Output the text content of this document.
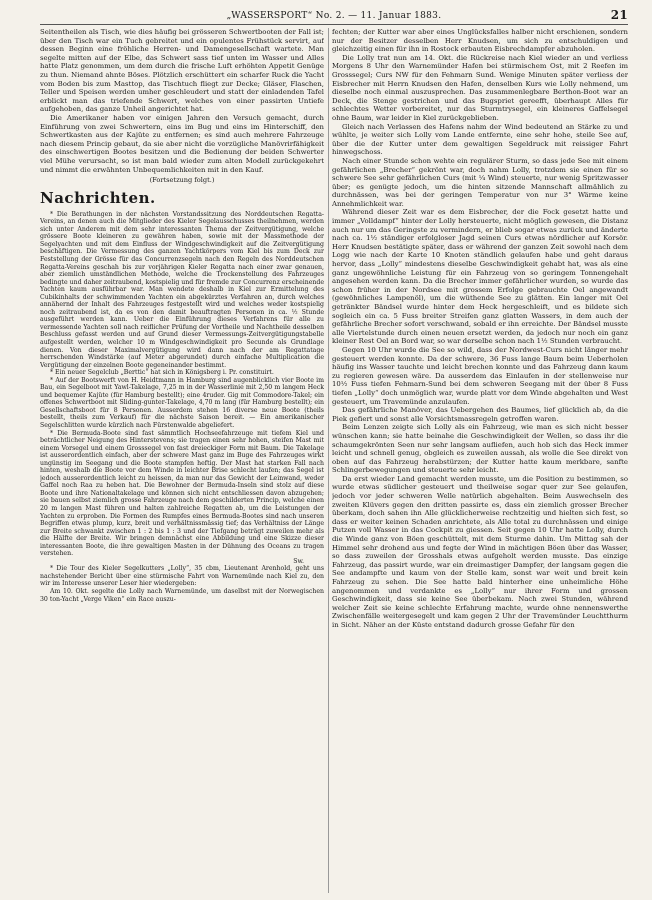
„WASSERSPORT“ No. 2. — 11. Januar 1883.	21

Seitentheilen als Tisch, wie dies häufig bei grösseren Schwertbooten der Fall ist; über den Tisch war ein Tuch gebreitet und ein opulentes Frühstück servirt, auf dessen Beginn eine fröhliche Herren- und Damengesellschaft wartete. Man segelte mitten auf der Elbe, das Schwert sass tief unten im Wasser und Alles hatte Platz genommen, um dem durch die frische Luft erhöhten Appetit Genüge zu thun. Niemand ahnte Böses. Plötzlich erschüttert ein scharfer Ruck die Yacht vom Boden bis zum Masttop, das Tischtuch fliegt zur Decke; Gläser, Flaschen, Teller und Speisen werden umher geschleudert und statt der einladenden Tafel erblickt man das triefende Schwert, welches von einer passirten Untiefe aufgehoben, das ganze Unheil angerichtet hat.

Die Amerikaner haben vor einigen Jahren den Versuch gemacht, durch Einführung von zwei Schwertern, eins im Bug und eins im Hinterschiff, den Schwertkasten aus der Kajüte zu entfernen; es sind auch mehrere Fahrzeuge nach diesem Princip gebaut, da sie aber nicht die vorzügliche Manövrirfähigkeit des einschwertigen Bootes besitzen und die Bedienung der beiden Schwerter viel Mühe verursacht, so ist man bald wieder zum alten Modell zurückgekehrt und nimmt die erwähnten Unbequemlichkeiten mit in den Kauf.

(Fortsetzung folgt.)

Nachrichten.

* Die Berathungen in der nächsten Vorstandssitzung des Norddeutschen Regatta-Vereins, an denen auch die Mitglieder des Kieler Segelausschusses theilnehmen, werden sich unter Anderem mit dem sehr interessanten Thema der Zeitvergütigung, welche grössere Boote kleineren zu gewähren haben, sowie mit der Massmethode der Segelyachten und mit dem Einfluss der Windgeschwindigkeit auf die Zeitvergütigung beschäftigen. Die Vermessung des ganzen Yachtkörpers vom Kiel bis zum Deck zur Feststellung der Grösse für das Concurrenzsegeln nach den Regeln des Norddeutschen Regatta-Vereins geschah bis zur vorjährigen Kieler Regatta nach einer zwar genauen, aber ziemlich umständlichen Methode, welche die Trockenstellung des Fahrzeuges bedingte und daher zeitraubend, kostspielig und für fremde zur Concurrenz erscheinende Yachten kaum ausführbar war. Man wendete deshalb in Kiel zur Ermittelung des Cubikinhalts der schwimmenden Yachten ein abgekürztes Verfahren an, durch welches annähernd der Inhalt des Fahrzeuges festgestellt wird und welches weder kostspielig noch zeitraubend ist, da es von den damit beauftragten Personen in ca. ½ Stunde ausgeführt werden kann. Ueber die Einführung dieses Verfahrens für alle zu vermessende Yachten soll nach reiflicher Prüfung der Vortheile und Nachtheile desselben Beschluss gefasst werden und auf Grund dieser Vermessungs-Zeitvergütigungstabelle aufgestellt werden, welcher 10 m Windgeschwindigkeit pro Secunde als Grundlage dienen. Von dieser Maximalvergütigung wird dann nach der am Regattatage herrschenden Windstärke (auf Meter abgerundet) durch einfache Multiplication die Vergütigung der einzelnen Boote gegeneinander bestimmt.

* Ein neuer Segelclub „Berttic“ hat sich in Königsberg i. Pr. constituirt.

* Auf der Bootswerft von H. Heidtmann in Hamburg sind augenblicklich vier Boote im Bau, ein Segelboot mit Yawl-Takelage, 7,25 m in der Wasserlinie mit 2,50 m langem Heck und bequemer Kajüte (für Hamburg bestellt); eine 4ruder. Gig mit Commodore-Takel; ein offenes Schwertboot mit Sliding-gunter-Takelage, 4,70 m lang (für Hamburg bestellt); ein Gesellschaftsboot für 8 Personen. Ausserdem stehen 16 diverse neue Boote (theils bestellt, theils zum Verkauf) für die nächste Saison bereit. — Ein amerikanischer Segelschlitten wurde kürzlich nach Fürstenwalde abgeliefert.

* Die Bermuda-Boote sind fast sämmtlich Hochseefahrzeuge mit tiefem Kiel und beträchtlicher Neigung des Hinterstevens; sie tragen einen sehr hohen, steifen Mast mit einem Vorsegel und einem Grosssegel von fast dreieckiger Form mit Baum. Die Takelage ist ausserordentlich einfach, aber der schwere Mast ganz im Buge des Fahrzeuges wirkt ungünstig im Seegang und die Boote stampfen heftig. Der Mast hat starken Fall nach hinten, weshalb die Boote vor dem Winde in leichter Brise schlecht laufen; das Segel ist jedoch ausserordentlich leicht zu heissen, da man nur das Gewicht der Leinwand, weder Gaffel noch Raa zu heben hat. Die Bewohner der Bermuda-Inseln sind stolz auf diese Boote und ihre Nationaltakelage und können sich nicht entschliessen davon abzugehen; sie bauen selbst ziemlich grosse Fahrzeuge nach dem geschilderten Princip, welche einen 20 m langen Mast führen und halten zahlreiche Regatten ab, um die Leistungen der Yachten zu erproben. Die Formen des Rumpfes eines Bermuda-Bootes sind nach unseren Begriffen etwas plump, kurz, breit und verhältnissmässig tief; das Verhältniss der Länge zur Breite schwankt zwischen 1 : 2 bis 1 : 3 und der Tiefgang beträgt zuweilen mehr als die Hälfte der Breite. Wir bringen demnächst eine Abbildung und eine Skizze dieser interessanten Boote, die ihre gewaltigen Masten in der Dühnung des Oceans zu tragen verstehen.

Sw.

* Die Tour des Kieler Segelkutters „Lolly“, 35 cbm, Lieutenant Arenhold, geht uns nachstehender Bericht über eine stürmische Fahrt von Warnemünde nach Kiel zu, den wir im Interesse unserer Leser hier wiedergeben:

Am 10. Okt. segelte die Lolly nach Warnemünde, um daselbst mit der Norwegischen 30 ton-Yacht „Verge Viken“ ein Race auszu-

fechten; der Kutter war aber eines Unglücksfalles halber nicht erschienen, sondern nur der Besitzer desselben Herr Knudsen, um sich zu entschuldigen und gleichzeitig einen für ihn in Rostock erbauten Eisbrechdampfer abzuholen.

Die Lolly trat nun am 14. Okt. die Rückreise nach Kiel wieder an und verliess Morgens 8 Uhr den Warnemünder Hafen bei stürmischem Ost, mit 2 Reefen im Grosssegel; Curs NW für den Fehmarn Sund. Wenige Minuten später verliess der Eisbrecher mit Herrn Knudsen den Hafen, denselben Kurs wie Lolly nehmend, um dieselbe noch einmal auszusprechen. Das zusammenlegbare Berthon-Boot war an Deck, die Stenge gestrichen und das Bugspriet gereefft, überhaupt Alles für schlechtes Wetter vorbereitet, nur das Sturmtrysegel, ein kleineres Gaffelsegel ohne Baum, war leider in Kiel zurückgeblieben.

Gleich nach Verlassen des Hafens nahm der Wind bedeutend an Stärke zu und wühlte, je weiter sich Lolly vom Lande entfernte, eine sehr hohe, steile See auf, über die der Kutter unter dem gewaltigen Segeldruck mit reissiger Fahrt hinwegschoss.

Nach einer Stunde schon wehte ein regulärer Sturm, so dass jede See mit einem gefährlichen „Brecher“ gekrönt war, doch nahm Lolly, trotzdem sie einen für so schwere See sehr gefährlichen Curs (mit ¼ Wind) steuerte, nur wenig Spritzwasser über; es genügte jedoch, um die hinten sitzende Mannschaft allmählich zu durchnässen, was bei der geringen Temperatur von nur 3° Wärme keine Annehmlichkeit war.

Während dieser Zeit war es dem Eisbrecher, der die Fock gesetzt hatte und immer „Volldampf“ hinter der Lolly hersteuerte, nicht möglich gewesen, die Distanz auch nur um das Geringste zu vermindern, er blieb sogar etwas zurück und änderte nach ca. 1½ ständiger erfolgloser Jagd seinen Curs etwas nördlicher auf Korsör. Herr Knudsen bestätigte später, dass er während der ganzen Zeit sowohl nach dem Logg wie nach der Karte 10 Knoten ständlich gelaufen habe und geht daraus hervor, dass „Lolly“ mindestens dieselbe Geschwindigkeit gehabt hat, was als eine ganz ungewöhnliche Leistung für ein Fahrzeug von so geringem Tonnengehalt angesehen werden kann. Da die Brecher immer gefährlicher wurden, so wurde das schon früher in der Nordsee mit grossem Erfolge gebrauchte Oel angewandt (gewöhnliches Lampenöl), um die wüthende See zu glätten. Ein langer mit Oel getränkter Bändsel wurde hinter dem Heck hergeschleift, und es bildete sich sogleich ein ca. 5 Fuss breiter Streifen ganz glatten Wassers, in dem auch der gefährliche Brecher sofort verschwand, sobald er ihn erreichte. Der Bändsel musste alle Viertelstunde durch einen neuen ersetzt werden, da jedoch nur noch ein ganz kleiner Rest Oel an Bord war, so war derselbe schon nach 1½ Stunden verbraucht.

Gegen 10 Uhr wurde die See so wild, dass der Nordwest-Curs nicht länger mehr gesteuert werden konnte. Da der schwere, 36 Fuss lange Baum beim Ueberholen häufig ins Wasser tauchte und leicht brechen konnte und das Fahrzeug dann kaum zu regieren gewesen wäre. Da ausserdem das Einlaufen in der stellenweise nur 10½ Fuss tiefen Fehmarn-Sund bei dem schweren Seegang mit der über 8 Fuss tiefen „Lolly“ doch unmöglich war, wurde platt vor dem Winde abgehalten und West gesteuert, um Travemünde anzulaufen.

Das gefährliche Manöver, das Uebergehen des Baumes, lief glücklich ab, da die Piek gefiert und sonst alle Vorsichtsmassregeln getroffen waren.

Beim Lenzen zeigte sich Lolly als ein Fahrzeug, wie man es sich nicht besser wünschen kann; sie hatte beinahe die Geschwindigkeit der Wellen, so dass ihr die schaumgekrönten Seen nur sehr langsam aufliefen, auch hob sich das Heck immer leicht und schnell genug, obgleich es zuweilen aussah, als wolle die See direkt von oben auf das Fahrzeug herabstürzen; der Kutter hatte kaum merkbare, sanfte Schlingerbewegungen und steuerte sehr leicht.

Da erst wieder Land gemacht werden musste, um die Position zu bestimmen, so wurde etwas südlicher gesteuert und theilweise sogar quer zur See gelaufen, jedoch vor jeder schweren Welle natürlich abgehalten. Beim Auswechseln des zweiten Klüvers gegen den dritten passirte es, dass ein ziemlich grosser Brecher überkam, doch sahen ihn Alle glücklicherweise rechtzeitig und hielten sich fest, so dass er weiter keinen Schaden anrichtete, als Alle total zu durchnässen und einige Putzen voll Wasser in das Cockpit zu giessen. Seit gegen 10 Uhr hatte Lolly, durch die Winde ganz von Böen geschüttelt, mit dem Sturme dahin. Um Mittag sah der Himmel sehr drohend aus und fegte der Wind in mächtigen Böen über das Wasser, so dass zuweilen der Grosshals etwas aufgeholt werden musste. Das einzige Fahrzeug, das passirt wurde, war ein dreimastiger Dampfer, der langsam gegen die See andampfte und kaum von der Stelle kam, sonst war weit und breit kein Fahrzeug zu sehen. Die See hatte bald hinterher eine unheimliche Höhe angenommen und verdankte es „Lolly“ nur ihrer Form und grossen Geschwindigkeit, dass sie keine See überbekam. Nach zwei Stunden, während welcher Zeit sie keine schlechte Erfahrung machte, wurde ohne nennenswerthe Zwischenfälle weitergesegelt und kam gegen 2 Uhr der Travemünder Leuchtthurm in Sicht. Näher an der Küste entstand dadurch grosse Gefahr für den
